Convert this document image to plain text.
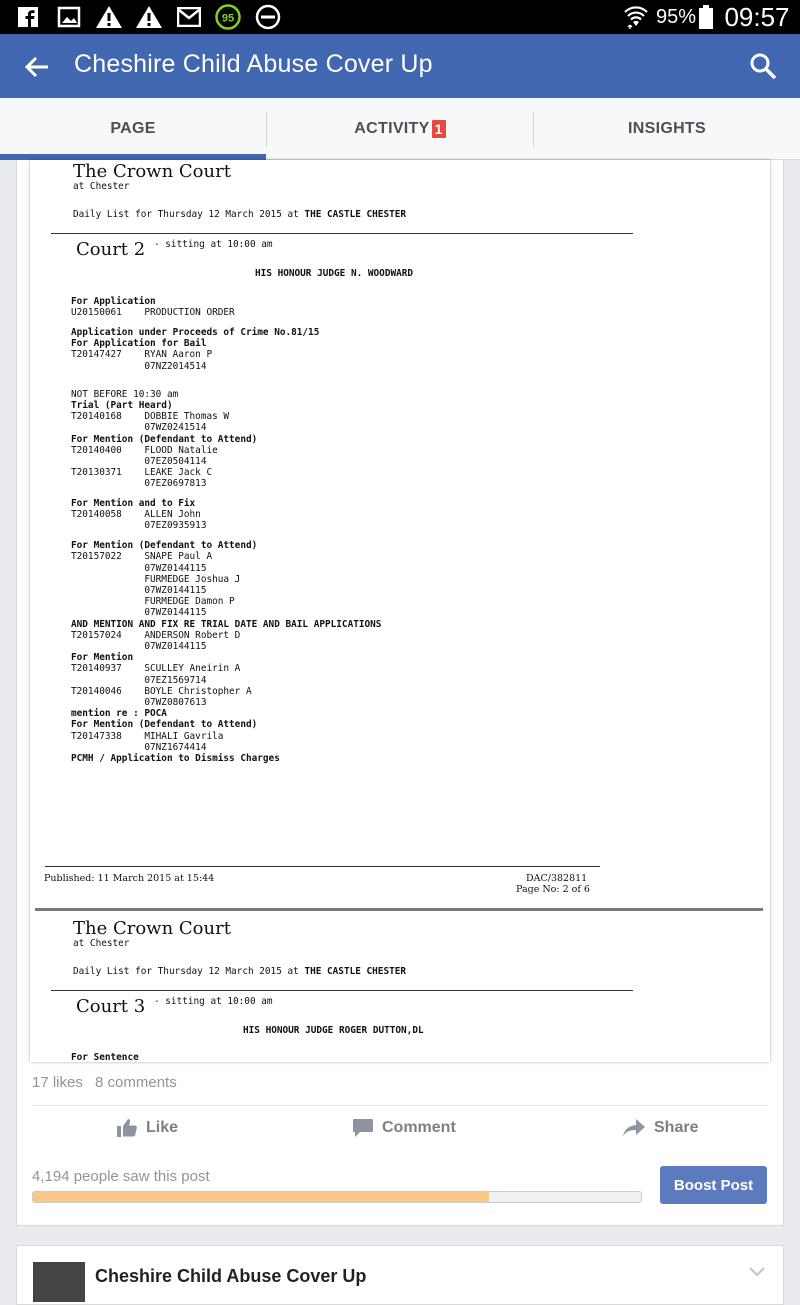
95	95% 09:57
Cheshire Child Abuse Cover Up
PAGE	ACTIVITY 1	INSIGHTS
The Crown Court
at Chester
Daily List for Thursday 12 March 2015 at THE CASTLE CHESTER
Court 2 - sitting at 10:00 am
HIS HONOUR JUDGE N. WOODWARD
For Application
U20150061    PRODUCTION ORDER
Application under Proceeds of Crime No.81/15
For Application for Bail
T20147427    RYAN Aaron P
07NZ2014514
NOT BEFORE 10:30 am
Trial (Part Heard)
T20140168    DOBBIE Thomas W
07WZ0241514
For Mention (Defendant to Attend)
T20140400    FLOOD Natalie
07EZ0504114
T20130371    LEAKE Jack C
07EZ0697813
For Mention and to Fix
T20140058    ALLEN John
07EZ0935913
For Mention (Defendant to Attend)
T20157022    SNAPE Paul A
07WZ0144115
FURMEDGE Joshua J
07WZ0144115
FURMEDGE Damon P
07WZ0144115
AND MENTION AND FIX RE TRIAL DATE AND BAIL APPLICATIONS
T20157024    ANDERSON Robert D
07WZ0144115
For Mention
T20140937    SCULLEY Aneirin A
07EZ1569714
T20140046    BOYLE Christopher A
07WZ0807613
mention re : POCA
For Mention (Defendant to Attend)
T20147338    MIHALI Gavrila
07NZ1674414
PCMH / Application to Dismiss Charges
Published: 11 March 2015 at 15:44	DAC/382811
Page No: 2 of 6
The Crown Court
at Chester
Daily List for Thursday 12 March 2015 at THE CASTLE CHESTER
Court 3 - sitting at 10:00 am
HIS HONOUR JUDGE ROGER DUTTON,DL
For Sentence
17 likes 8 comments
Like	Comment	Share
4,194 people saw this post	Boost Post
Cheshire Child Abuse Cover Up
